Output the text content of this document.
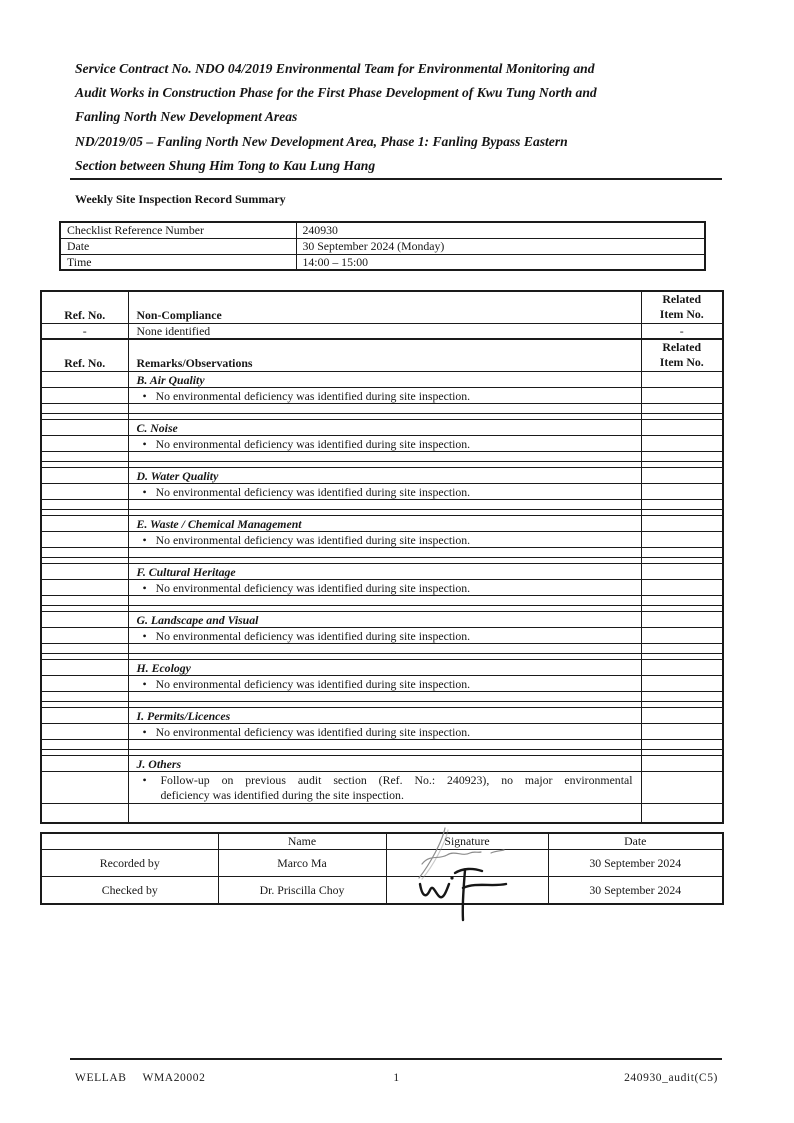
Service Contract No. NDO 04/2019 Environmental Team for Environmental Monitoring and
Audit Works in Construction Phase for the First Phase Development of Kwu Tung North and
Fanling North New Development Areas
ND/2019/05 – Fanling North New Development Area, Phase 1: Fanling Bypass Eastern
Section between Shung Him Tong to Kau Lung Hang
Weekly Site Inspection Record Summary
Checklist Reference Number	240930
Date	30 September 2024 (Monday)
Time	14:00 – 15:00
Ref. No.	Non-Compliance	Related
Item No.

-	None identified	-
Ref. No.	Remarks/Observations	Related
Item No.

	B. Air Quality	
	• No environmental deficiency was identified during site inspection.	

	C. Noise	
	• No environmental deficiency was identified during site inspection.	

	D. Water Quality	
	• No environmental deficiency was identified during site inspection.	

	E. Waste / Chemical Management	
	• No environmental deficiency was identified during site inspection.	

	F. Cultural Heritage	
	• No environmental deficiency was identified during site inspection.	

	G. Landscape and Visual	
	• No environmental deficiency was identified during site inspection.	

	H. Ecology	
	• No environmental deficiency was identified during site inspection.	

	I. Permits/Licences	
	• No environmental deficiency was identified during site inspection.	

	J. Others	

	• Follow-up on previous audit section (Ref. No.: 240923), no major environmental
deficiency was identified during the site inspection.	

	Name	Signature	Date
Recorded by	Marco Ma		30 September 2024
Checked by	Dr. Priscilla Choy		30 September 2024
WELLAB WMA20002	1	240930_audit(C5)
